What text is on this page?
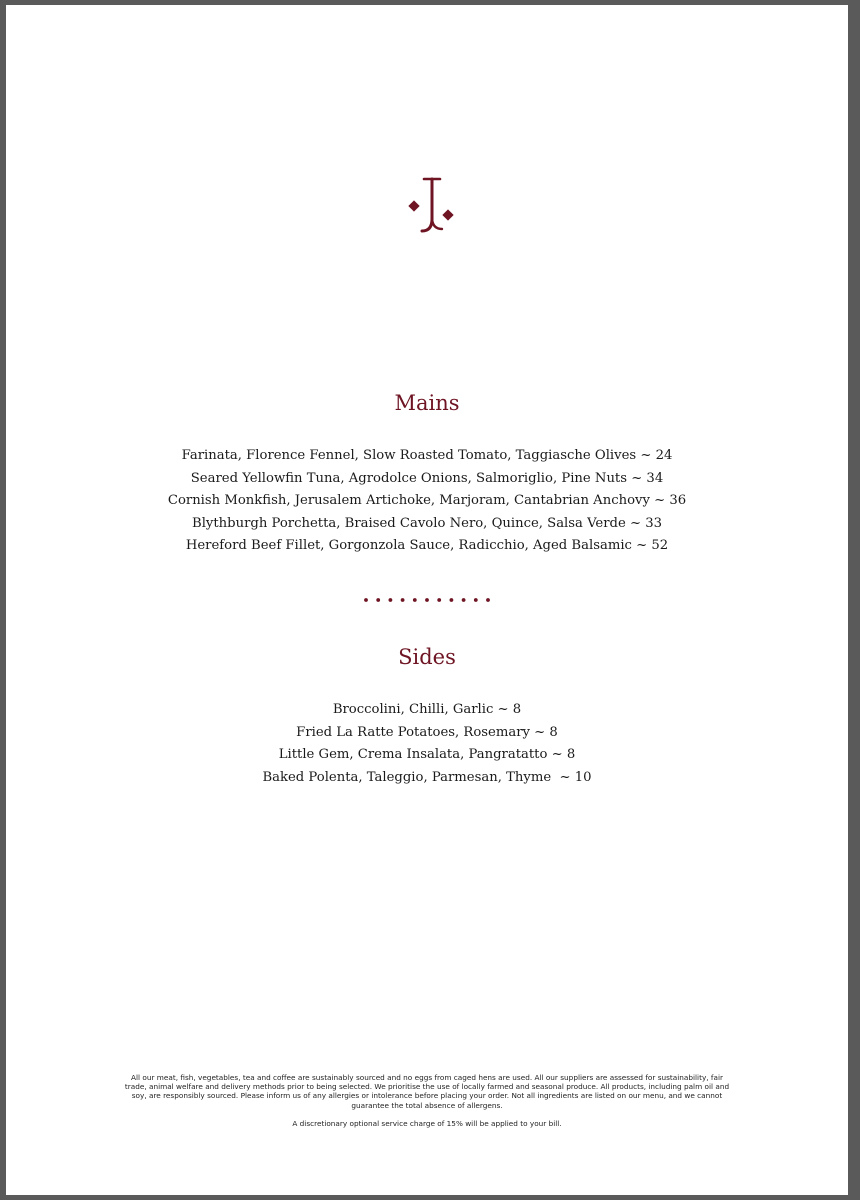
Mains
Farinata, Florence Fennel, Slow Roasted Tomato, Taggiasche Olives ~ 24
Seared Yellowfin Tuna, Agrodolce Onions, Salmoriglio, Pine Nuts ~ 34
Cornish Monkfish, Jerusalem Artichoke, Marjoram, Cantabrian Anchovy ~ 36
Blythburgh Porchetta, Braised Cavolo Nero, Quince, Salsa Verde ~ 33
Hereford Beef Fillet, Gorgonzola Sauce, Radicchio, Aged Balsamic ~ 52
Sides
Broccolini, Chilli, Garlic ~ 8
Fried La Ratte Potatoes, Rosemary ~ 8
Little Gem, Crema Insalata, Pangratatto ~ 8
Baked Polenta, Taleggio, Parmesan, Thyme  ~ 10

All our meat, fish, vegetables, tea and coffee are sustainably sourced and no eggs from caged hens are used. All our suppliers are assessed for sustainability, fair trade, animal welfare and delivery methods prior to being selected. We prioritise the use of locally farmed and seasonal produce. All products, including palm oil and soy, are responsibly sourced. Please inform us of any allergies or intolerance before placing your order. Not all ingredients are listed on our menu, and we cannot guarantee the total absence of allergens.

A discretionary optional service charge of 15% will be applied to your bill.
